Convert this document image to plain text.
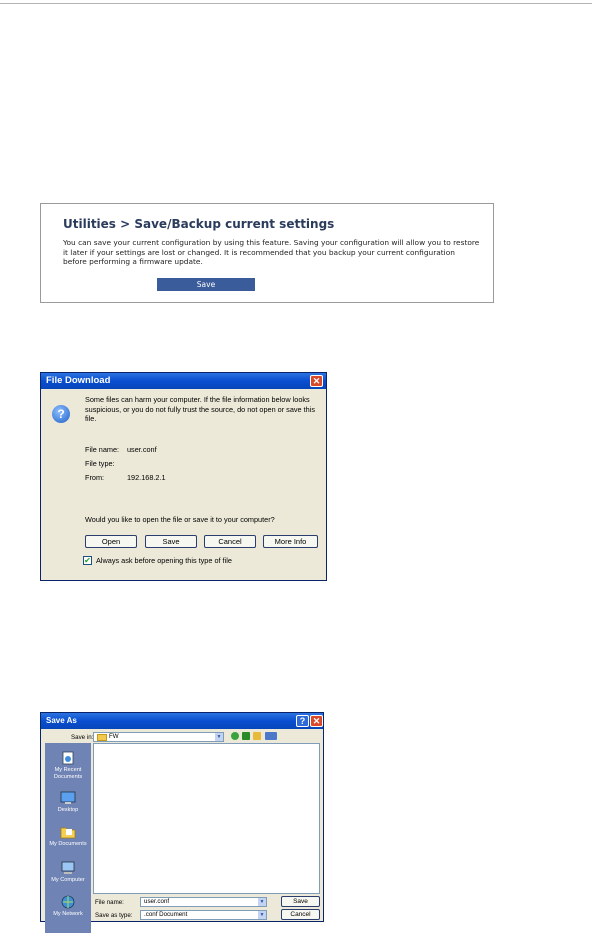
Utilities > Save/Backup current settings
You can save your current configuration by using this feature. Saving your configuration will allow you to restore it later if your settings are lost or changed. It is recommended that you backup your current configuration before performing a firmware update.
Save
File Download	✕
?
Some files can harm your computer. If the file information below looks suspicious, or you do not fully trust the source, do not open or save this file.
File name: user.conf
File type:
From:	192.168.2.1
Would you like to open the file or save it to your computer?
Open	Save	Cancel	More Info
✔ Always ask before opening this type of file
Save As	? ✕
Save in:	FW	▼
My Recent Documents
Desktop
My Documents
My Computer
My Network
File name:	user.conf	▼
Save as type:	.conf Document	▼
Save
Cancel
